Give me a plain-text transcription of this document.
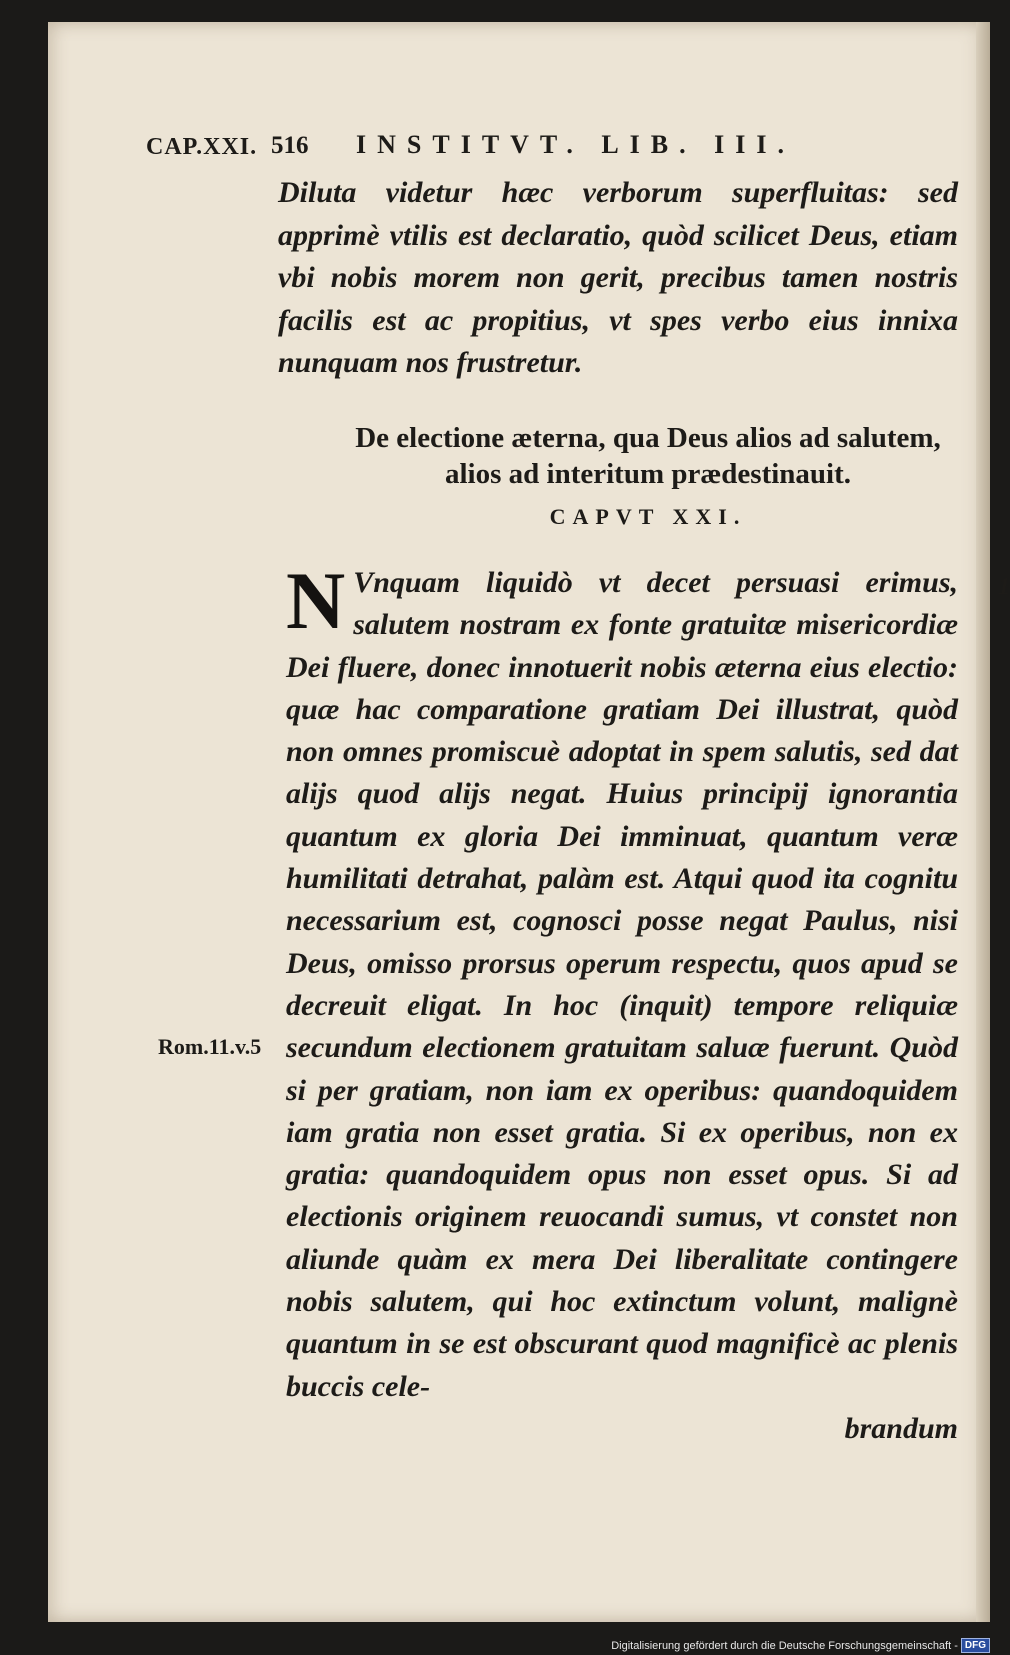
CAP.XXI. 516 INSTITVT. LIB. III.
Diluta videtur hæc verborum superfluitas: sed apprimè vtilis est declaratio, quòd scilicet Deus, etiam vbi nobis morem non gerit, precibus tamen nostris facilis est ac propitius, vt spes verbo eius innixa nunquam nos frustretur.
De electione æterna, qua Deus alios ad salutem, alios ad interitum prædestinauit.
CAPVT XXI.
N Vnquam liquidò vt decet persuasi erimus, salutem nostram ex fonte gratuitæ misericordiæ Dei fluere, donec innotuerit nobis æterna eius electio: quæ hac comparatione gratiam Dei illustrat, quòd non omnes promiscuè adoptat in spem salutis, sed dat alijs quod alijs negat. Huius principij ignorantia quantum ex gloria Dei imminuat, quantum veræ humilitati detrahat, palàm est. Atqui quod ita cognitu necessarium est, cognosci posse negat Paulus, nisi Deus, omisso prorsus operum respectu, quos apud se decreuit eligat. In hoc (inquit) tempore reliquiæ secundum electionem gratuitam saluæ fuerunt. Quòd si per gratiam, non iam ex operibus: quandoquidem iam gratia non esset gratia. Si ex operibus, non ex gratia: quandoquidem opus non esset opus. Si ad electionis originem reuocandi sumus, vt constet non aliunde quàm ex mera Dei liberalitate contingere nobis salutem, qui hoc extinctum volunt, malignè quantum in se est obscurant quod magnificè ac plenis buccis cele-
brandum
1
Rom.11.v.5
Digitalisierung gefördert durch die Deutsche Forschungsgemeinschaft - DFG
